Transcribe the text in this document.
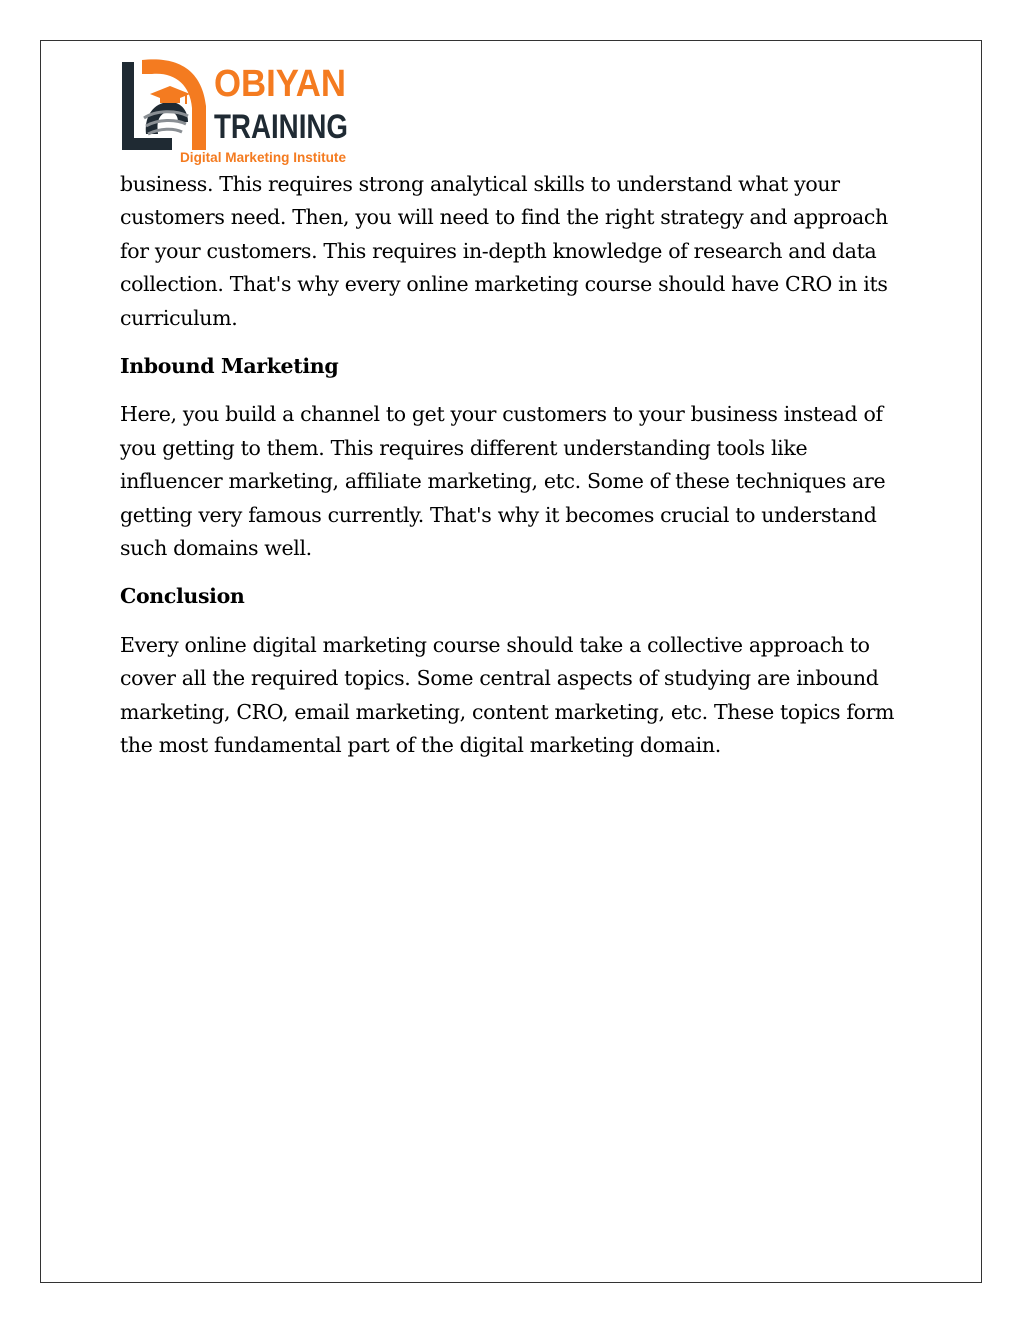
OBIYAN
TRAINING
Digital Marketing Institute

business. This requires strong analytical skills to understand what your customers need. Then, you will need to find the right strategy and approach for your customers. This requires in-depth knowledge of research and data collection. That's why every online marketing course should have CRO in its curriculum.

Inbound Marketing

Here, you build a channel to get your customers to your business instead of you getting to them. This requires different understanding tools like influencer marketing, affiliate marketing, etc. Some of these techniques are getting very famous currently. That's why it becomes crucial to understand such domains well.

Conclusion

Every online digital marketing course should take a collective approach to cover all the required topics. Some central aspects of studying are inbound marketing, CRO, email marketing, content marketing, etc. These topics form the most fundamental part of the digital marketing domain.
